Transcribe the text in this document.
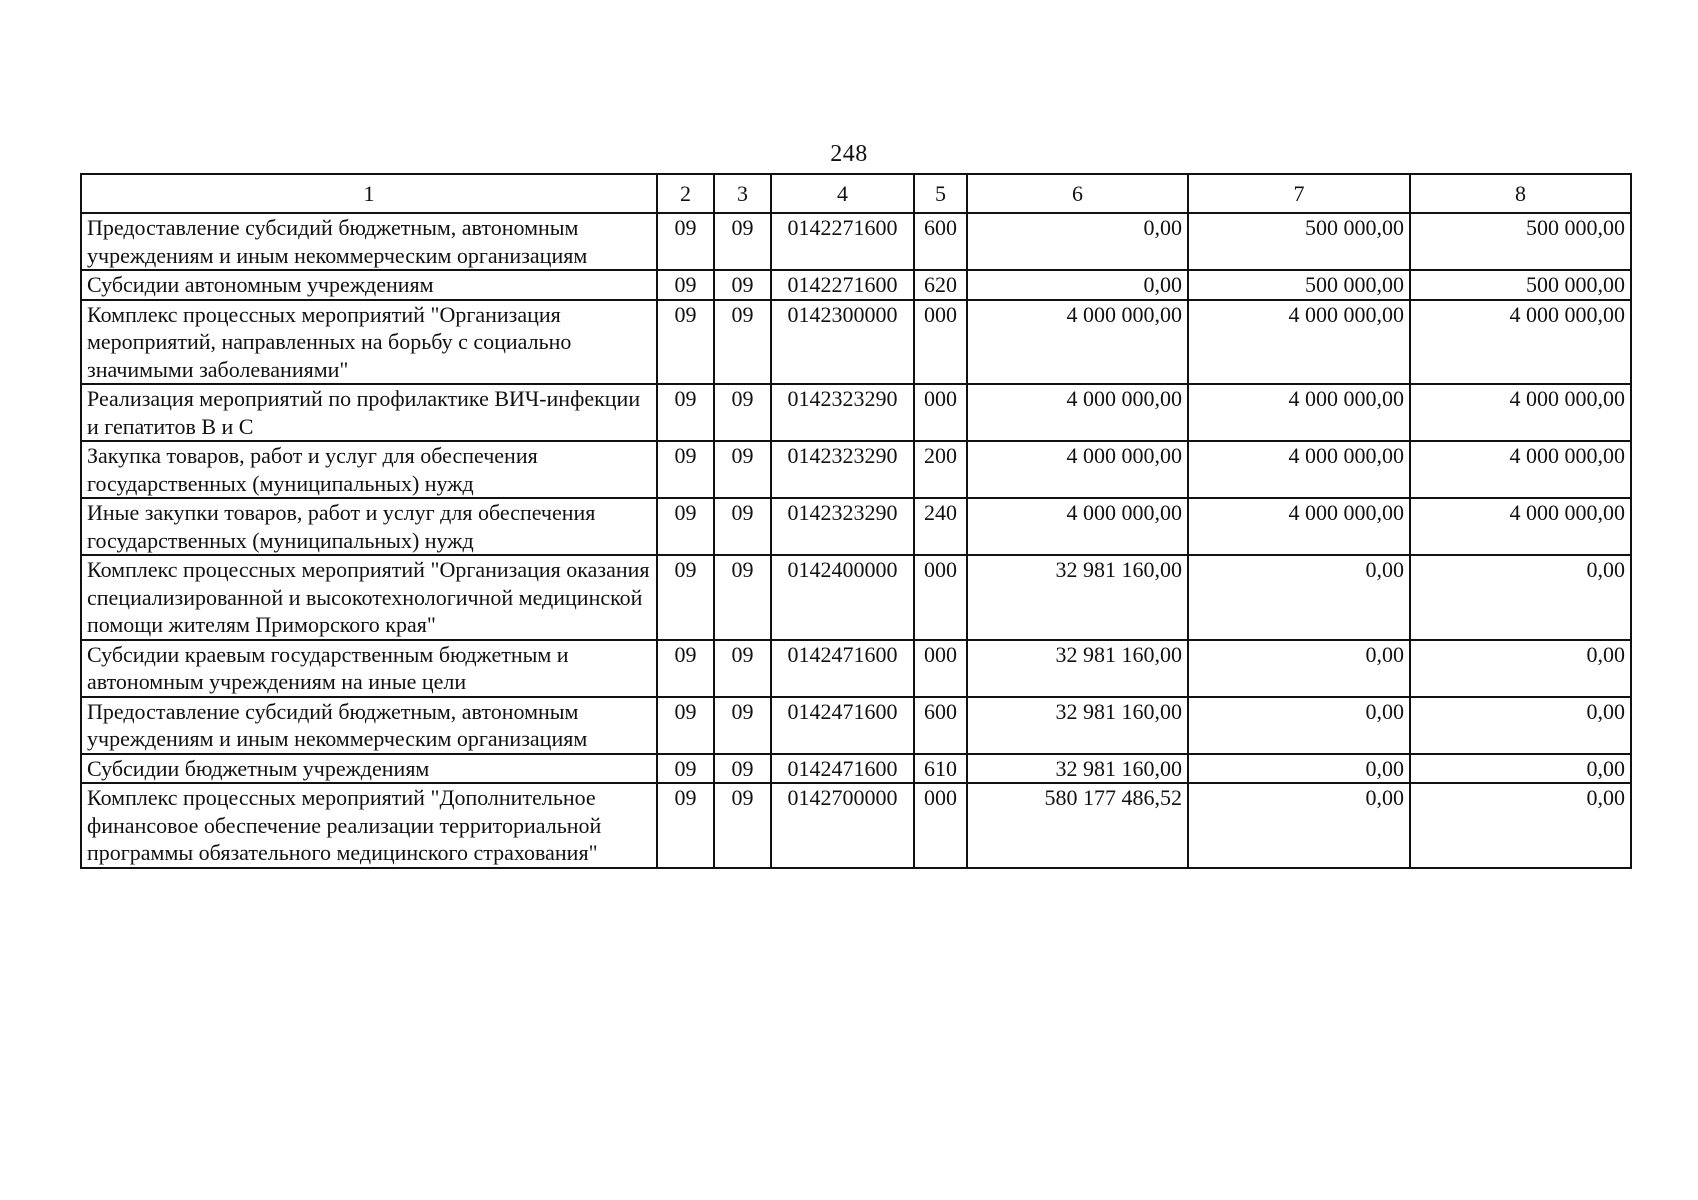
248
1	2	3	4	5	6	7	8
Предоставление субсидий бюджетным, автономным учреждениям и иным некоммерческим организациям	09	09	0142271600	600	0,00	500 000,00	500 000,00
Субсидии автономным учреждениям	09	09	0142271600	620	0,00	500 000,00	500 000,00
Комплекс процессных мероприятий "Организация мероприятий, направленных на борьбу с социально значимыми заболеваниями"	09	09	0142300000	000	4 000 000,00	4 000 000,00	4 000 000,00
Реализация мероприятий по профилактике ВИЧ-инфекции и гепатитов B и C	09	09	0142323290	000	4 000 000,00	4 000 000,00	4 000 000,00
Закупка товаров, работ и услуг для обеспечения государственных (муниципальных) нужд	09	09	0142323290	200	4 000 000,00	4 000 000,00	4 000 000,00
Иные закупки товаров, работ и услуг для обеспечения государственных (муниципальных) нужд	09	09	0142323290	240	4 000 000,00	4 000 000,00	4 000 000,00
Комплекс процессных мероприятий "Организация оказания специализированной и высокотехнологичной медицинской помощи жителям Приморского края"	09	09	0142400000	000	32 981 160,00	0,00	0,00
Субсидии краевым государственным бюджетным и автономным учреждениям на иные цели	09	09	0142471600	000	32 981 160,00	0,00	0,00
Предоставление субсидий бюджетным, автономным учреждениям и иным некоммерческим организациям	09	09	0142471600	600	32 981 160,00	0,00	0,00
Субсидии бюджетным учреждениям	09	09	0142471600	610	32 981 160,00	0,00	0,00
Комплекс процессных мероприятий "Дополнительное финансовое обеспечение реализации территориальной программы обязательного медицинского страхования"	09	09	0142700000	000	580 177 486,52	0,00	0,00
